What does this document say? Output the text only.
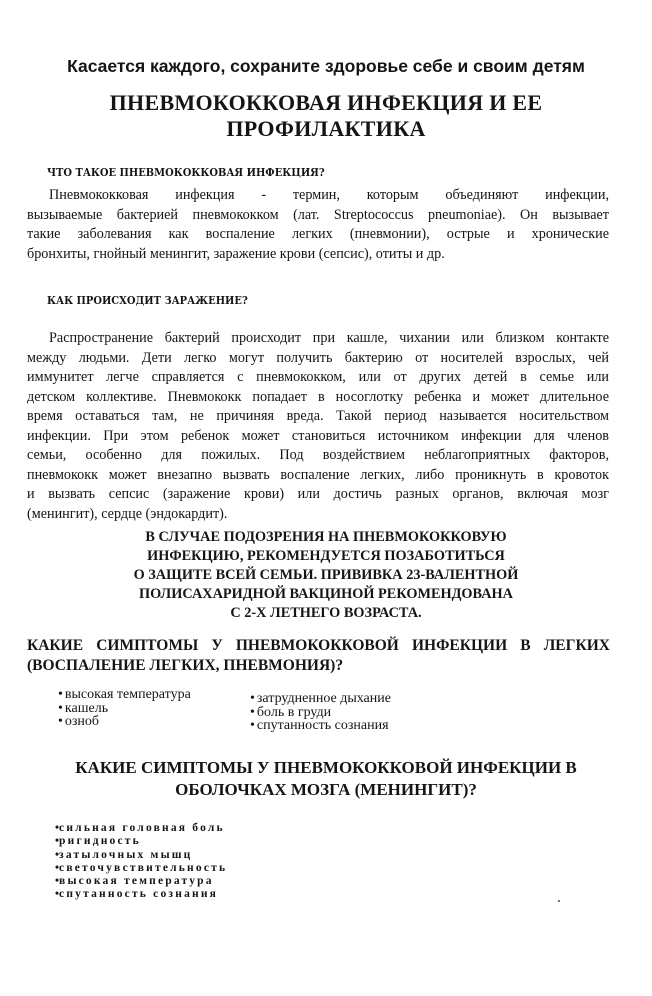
Касается каждого, сохраните здоровье себе и своим детям
ПНЕВМОКОККОВАЯ ИНФЕКЦИЯ И ЕЕ
ПРОФИЛАКТИКА
ЧТО ТАКОЕ ПНЕВМОКОККОВАЯ ИНФЕКЦИЯ?
Пневмококковая инфекция - термин, которым объединяют инфекции,
вызываемые бактерией пневмококком (лат. Streptococcus pneumoniae). Он вызывает
такие заболевания как воспаление легких (пневмонии), острые и хронические
бронхиты, гнойный менингит, заражение крови (сепсис), отиты и др.
КАК ПРОИСХОДИТ ЗАРАЖЕНИЕ?
Распространение бактерий происходит при кашле, чихании или близком контакте
между людьми. Дети легко могут получить бактерию от носителей взрослых, чей
иммунитет легче справляется с пневмококком, или от других детей в семье или
детском коллективе. Пневмококк попадает в носоглотку ребенка и может длительное
время оставаться там, не причиняя вреда. Такой период называется носительством
инфекции. При этом ребенок может становиться источником инфекции для членов
семьи, особенно для пожилых. Под воздействием неблагоприятных факторов,
пневмококк может внезапно вызвать воспаление легких, либо проникнуть в кровоток
и вызвать сепсис (заражение крови) или достичь разных органов, включая мозг
(менингит), сердце (эндокардит).
В СЛУЧАЕ ПОДОЗРЕНИЯ НА ПНЕВМОКОККОВУЮ
ИНФЕКЦИЮ, РЕКОМЕНДУЕТСЯ ПОЗАБОТИТЬСЯ
О ЗАЩИТЕ ВСЕЙ СЕМЬИ. ПРИВИВКА 23-ВАЛЕНТНОЙ
ПОЛИСАХАРИДНОЙ ВАКЦИНОЙ РЕКОМЕНДОВАНА
С 2-Х ЛЕТНЕГО ВОЗРАСТА.
КАКИЕ СИМПТОМЫ У ПНЕВМОКОККОВОЙ ИНФЕКЦИИ В ЛЕГКИХ
(ВОСПАЛЕНИЕ ЛЕГКИХ, ПНЕВМОНИЯ)?
• высокая температура
• кашель
• озноб
• затрудненное дыхание
• боль в груди
• спутанность сознания
КАКИЕ СИМПТОМЫ У ПНЕВМОКОККОВОЙ ИНФЕКЦИИ В
ОБОЛОЧКАХ МОЗГА (МЕНИНГИТ)?
• сильная головная боль
• ригидность
• затылочных мышц
• светочувствительность
• высокая температура
• спутанность сознания
